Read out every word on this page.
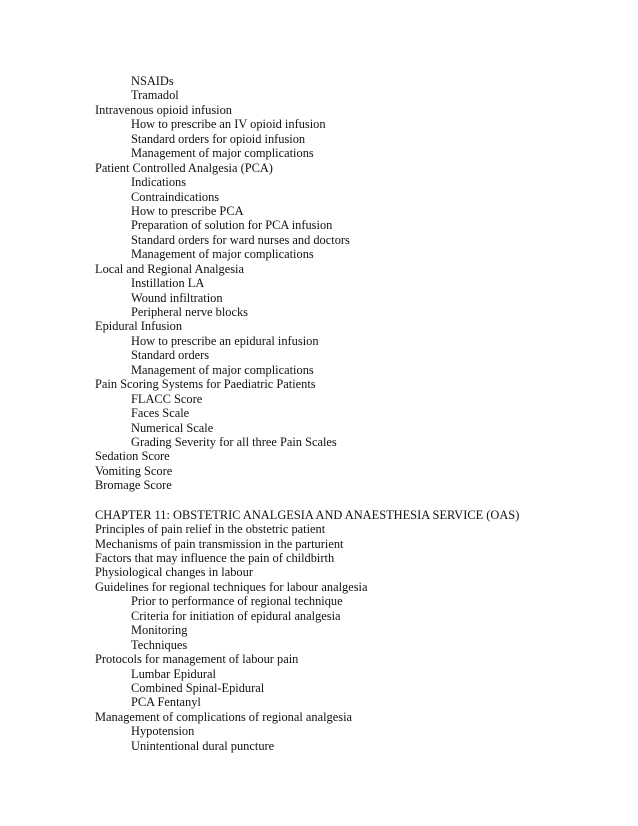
NSAIDs
Tramadol
Intravenous opioid infusion
How to prescribe an IV opioid infusion
Standard orders for opioid infusion
Management of major complications
Patient Controlled Analgesia (PCA)
Indications
Contraindications
How to prescribe PCA
Preparation of solution for PCA infusion
Standard orders for ward nurses and doctors
Management of major complications
Local and Regional Analgesia
Instillation LA
Wound infiltration
Peripheral nerve blocks
Epidural Infusion
How to prescribe an epidural infusion
Standard orders
Management of major complications
Pain Scoring Systems for Paediatric Patients
FLACC Score
Faces Scale
Numerical Scale
Grading Severity for all three Pain Scales
Sedation Score
Vomiting Score
Bromage Score
CHAPTER 11: OBSTETRIC ANALGESIA AND ANAESTHESIA SERVICE (OAS)
Principles of pain relief in the obstetric patient
Mechanisms of pain transmission in the parturient
Factors that may influence the pain of childbirth
Physiological changes in labour
Guidelines for regional techniques for labour analgesia
Prior to performance of regional technique
Criteria for initiation of epidural analgesia
Monitoring
Techniques
Protocols for management of labour pain
Lumbar Epidural
Combined Spinal-Epidural
PCA Fentanyl
Management of complications of regional analgesia
Hypotension
Unintentional dural puncture
